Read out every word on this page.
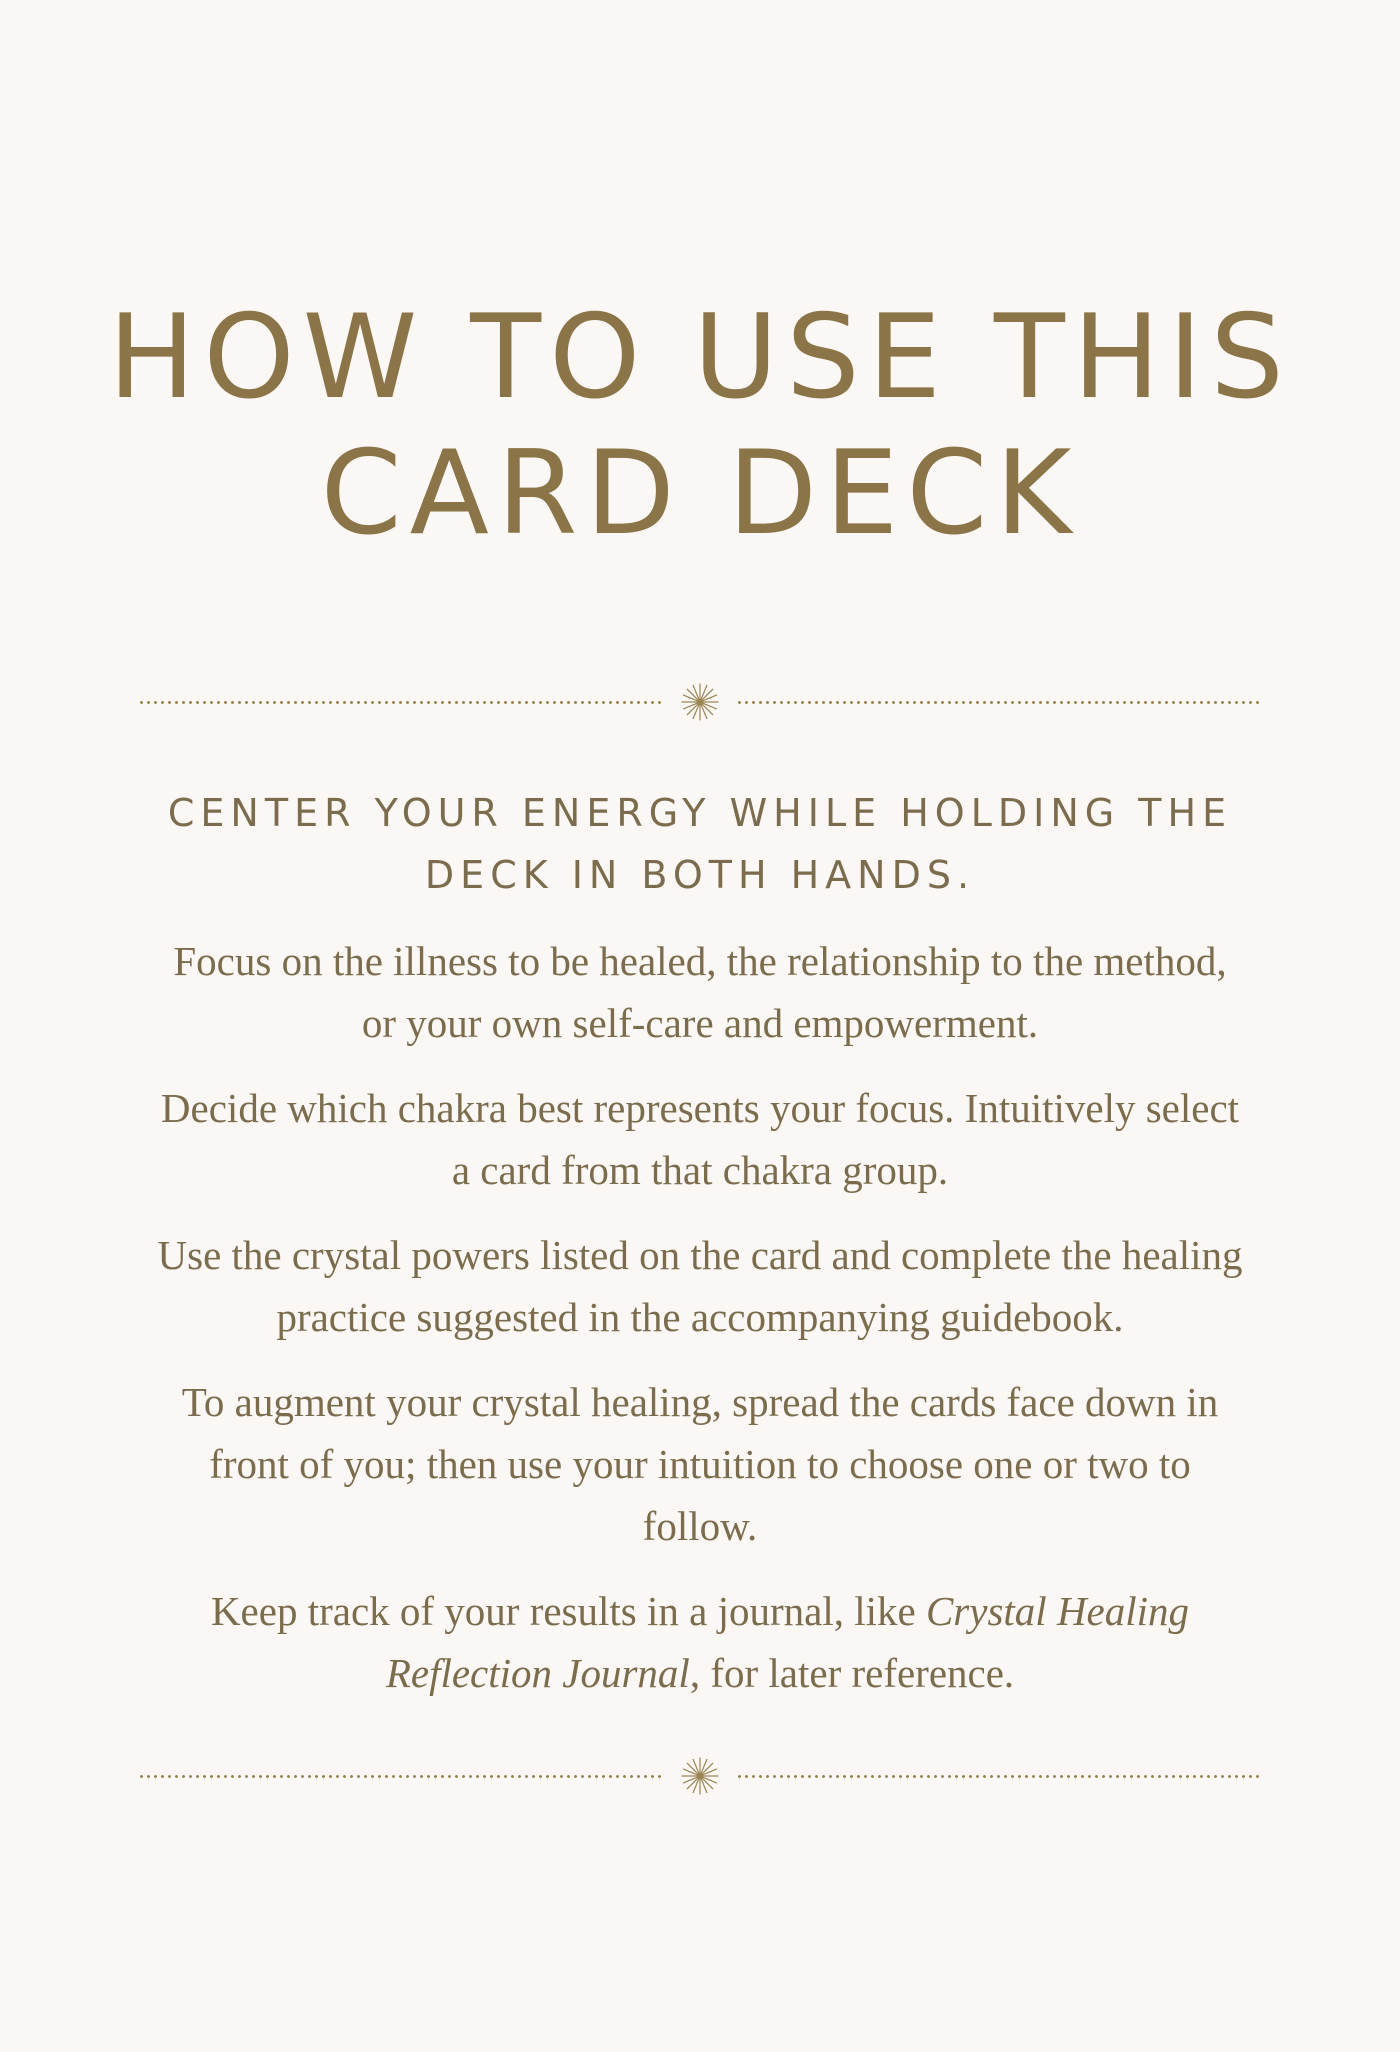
HOW TO USE THIS
CARD DECK
CENTER YOUR ENERGY WHILE HOLDING THE
DECK IN BOTH HANDS.
Focus on the illness to be healed, the relationship to the method, or your own self-care and empowerment.
Decide which chakra best represents your focus. Intuitively select a card from that chakra group.
Use the crystal powers listed on the card and complete the healing practice suggested in the accompanying guidebook.
To augment your crystal healing, spread the cards face down in front of you; then use your intuition to choose one or two to follow.
Keep track of your results in a journal, like Crystal Healing Reflection Journal, for later reference.
